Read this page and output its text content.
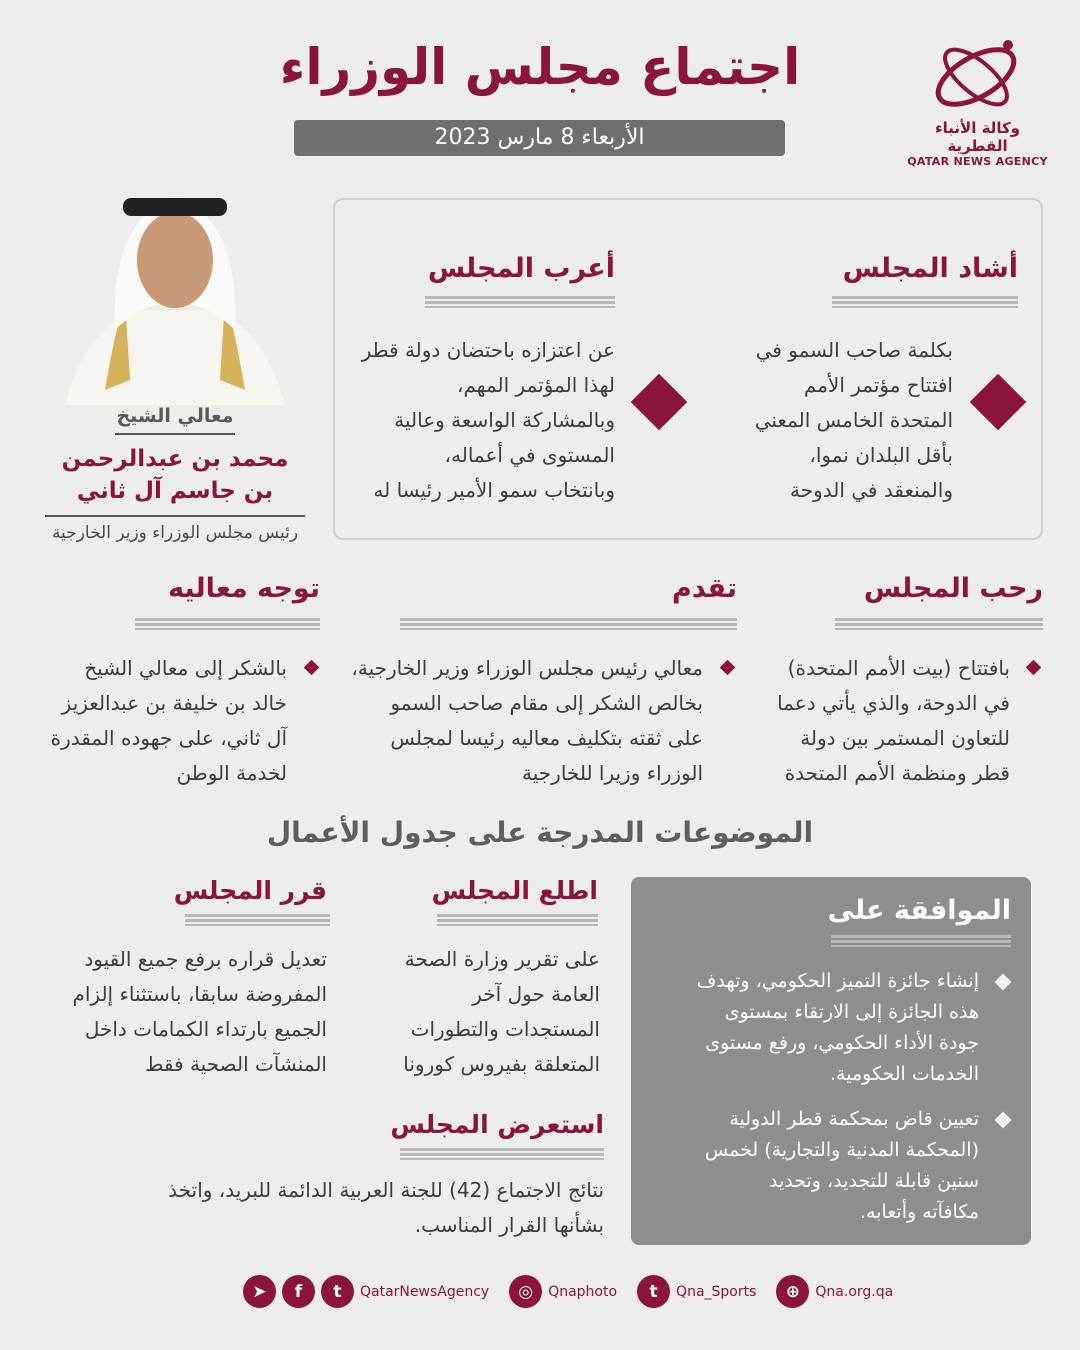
وكالة الأنباء القطرية
QATAR NEWS AGENCY
اجتماع مجلس الوزراء
الأربعاء 8 مارس 2023
معالي الشيخ
محمد بن عبدالرحمن
بن جاسم آل ثاني
رئيس مجلس الوزراء وزير الخارجية
أشاد المجلس
بكلمة صاحب السمو في
افتتاح مؤتمر الأمم
المتحدة الخامس المعني
بأقل البلدان نموا،
والمنعقد في الدوحة
أعرب المجلس
عن اعتزازه باحتضان دولة قطر
لهذا المؤتمر المهم،
وبالمشاركة الواسعة وعالية
المستوى في أعماله،
وبانتخاب سمو الأمير رئيسا له
رحب المجلس
بافتتاح (بيت الأمم المتحدة)
في الدوحة، والذي يأتي دعما
للتعاون المستمر بين دولة
قطر ومنظمة الأمم المتحدة
تقدم
معالي رئيس مجلس الوزراء وزير الخارجية،
بخالص الشكر إلى مقام صاحب السمو
على ثقته بتكليف معاليه رئيسا لمجلس
الوزراء وزيرا للخارجية
توجه معاليه
بالشكر إلى معالي الشيخ
خالد بن خليفة بن عبدالعزيز
آل ثاني، على جهوده المقدرة
لخدمة الوطن
الموضوعات المدرجة على جدول الأعمال
الموافقة على
إنشاء جائزة التميز الحكومي، وتهدف
هذه الجائزة إلى الارتقاء بمستوى
جودة الأداء الحكومي، ورفع مستوى
الخدمات الحكومية.
تعيين قاض بمحكمة قطر الدولية
(المحكمة المدنية والتجارية) لخمس
سنين قابلة للتجديد، وتحديد
مكافآته وأتعابه.
اطلع المجلس
على تقرير وزارة الصحة
العامة حول آخر
المستجدات والتطورات
المتعلقة بفيروس كورونا
قرر المجلس
تعديل قراره برفع جميع القيود
المفروضة سابقا، باستثناء إلزام
الجميع بارتداء الكمامات داخل
المنشآت الصحية فقط
استعرض المجلس
نتائج الاجتماع (42) للجنة العربية الدائمة للبريد، واتخذ
بشأنها القرار المناسب.
➤	f	t	QatarNewsAgency	◎	Qnaphoto	t	Qna_Sports	⊕	Qna.org.qa
